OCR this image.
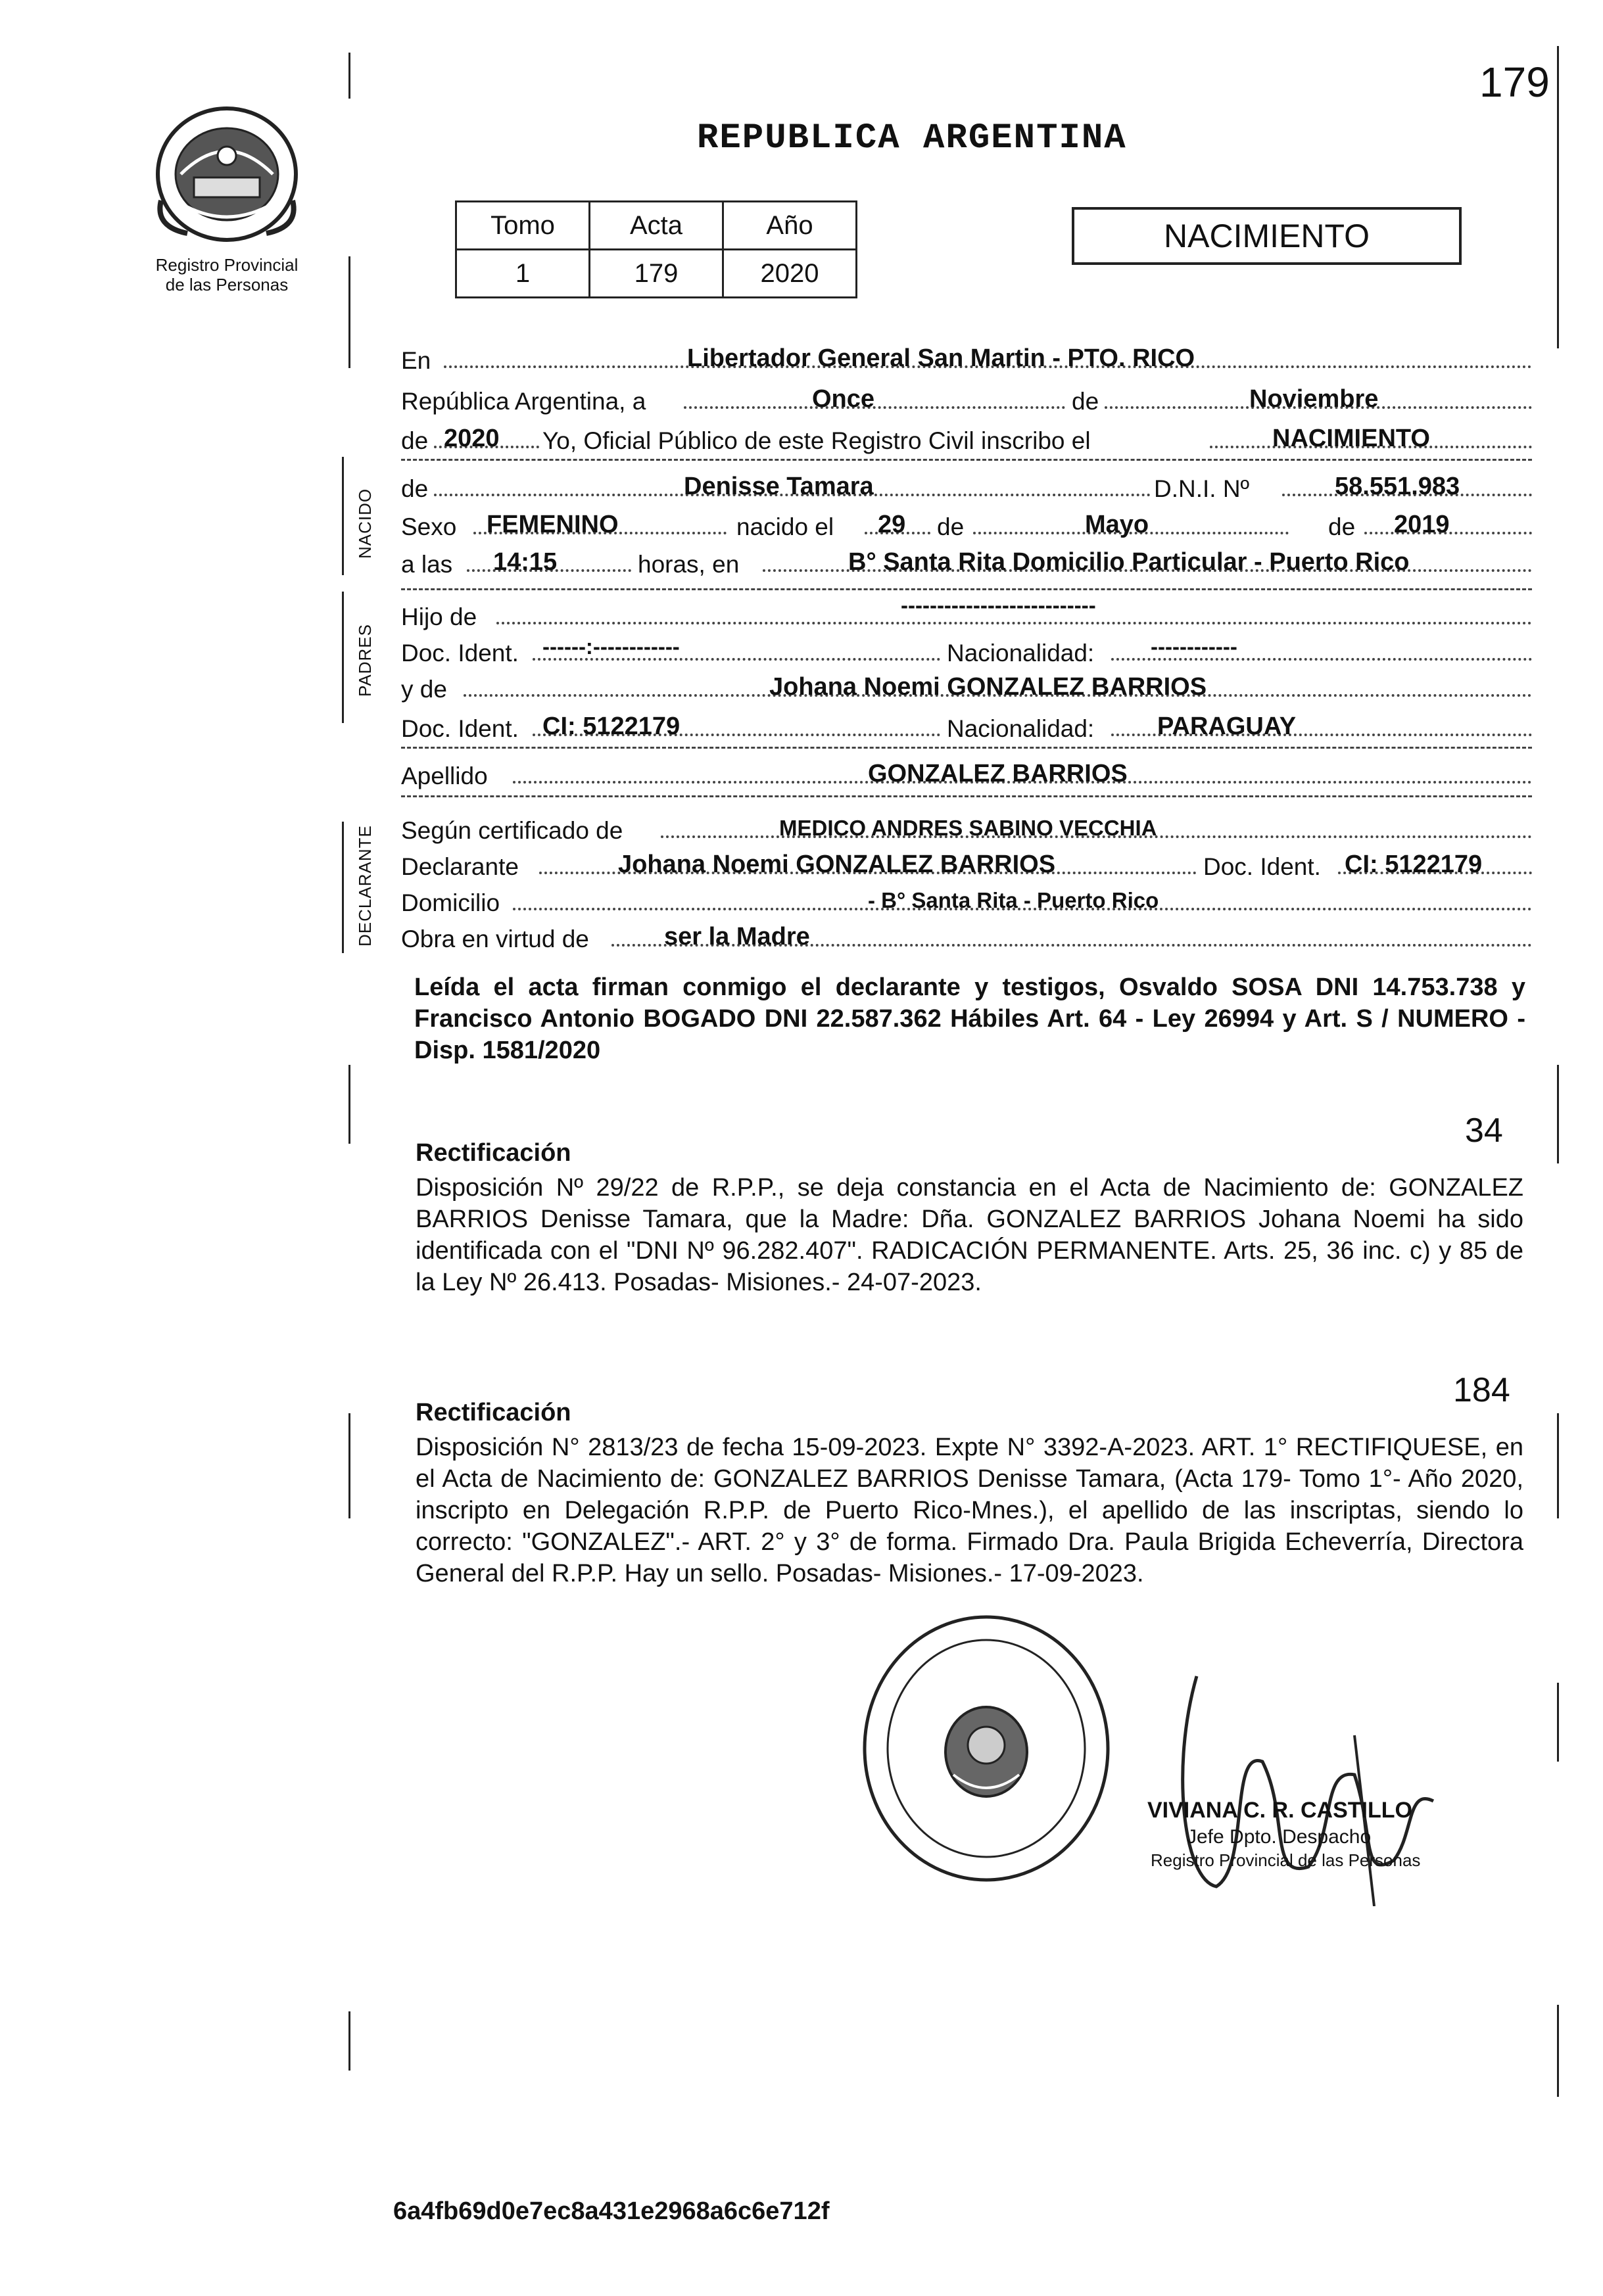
179
Registro Provincial
de las Personas
REPUBLICA ARGENTINA
Tomo	Acta	Año
1	179	2020
NACIMIENTO
NACIDO
PADRES
DECLARANTE
En	Libertador General San Martin - PTO. RICO
República Argentina, a	Once	de	Noviembre
de 2020 Yo, Oficial Público de este Registro Civil inscribo el	NACIMIENTO
de	Denisse Tamara	D.N.I. Nº	58.551.983
Sexo FEMENINO	nacido el 29 de	Mayo	de 2019
a las 14:15	horas, en	B° Santa Rita Domicilio Particular - Puerto Rico
Hijo de	---------------------------
Doc. Ident. ------:------------	Nacionalidad:	------------
y de	Johana Noemi GONZALEZ BARRIOS
Doc. Ident. CI: 5122179	Nacionalidad:	PARAGUAY
Apellido	GONZALEZ BARRIOS
Según certificado de	MEDICO ANDRES SABINO VECCHIA
Declarante	Johana Noemi GONZALEZ BARRIOS	Doc. Ident. CI: 5122179
Domicilio	- B° Santa Rita - Puerto Rico
Obra en virtud de	ser la Madre
Leída el acta firman conmigo el declarante y testigos, Osvaldo SOSA DNI 14.753.738 y Francisco Antonio BOGADO DNI 22.587.362 Hábiles Art. 64 - Ley 26994 y Art. S / NUMERO - Disp. 1581/2020
34
Rectificación
Disposición Nº 29/22 de R.P.P., se deja constancia en el Acta de Nacimiento de: GONZALEZ BARRIOS Denisse Tamara, que la Madre: Dña. GONZALEZ BARRIOS Johana Noemi ha sido identificada con el "DNI Nº 96.282.407". RADICACIÓN PERMANENTE. Arts. 25, 36 inc. c) y 85 de la Ley Nº 26.413. Posadas- Misiones.- 24-07-2023.
184
Rectificación
Disposición N° 2813/23 de fecha 15-09-2023. Expte N° 3392-A-2023. ART. 1° RECTIFIQUESE, en el Acta de Nacimiento de: GONZALEZ BARRIOS Denisse Tamara, (Acta 179- Tomo 1°- Año 2020, inscripto en Delegación R.P.P. de Puerto Rico-Mnes.), el apellido de las inscriptas, siendo lo correcto: "GONZALEZ".- ART. 2° y 3° de forma. Firmado Dra. Paula Brigida Echeverría, Directora General del R.P.P. Hay un sello. Posadas- Misiones.- 17-09-2023.
VIVIANA C. R. CASTILLO
Jefe Dpto. Despacho
Registro Provincial de las Personas
6a4fb69d0e7ec8a431e2968a6c6e712f
